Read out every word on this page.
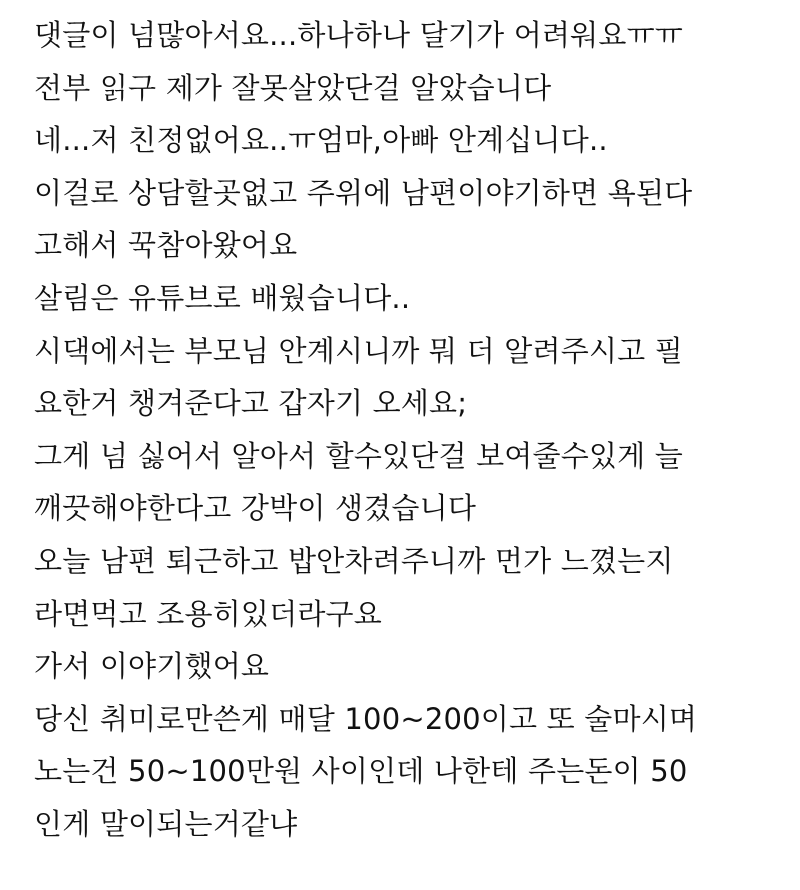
댓글이 넘많아서요...하나하나 달기가 어려워요ㅠㅠ
전부 읽구 제가 잘못살았단걸 알았습니다
네...저 친정없어요..ㅠ엄마,아빠 안계십니다..
이걸로 상담할곳없고 주위에 남편이야기하면 욕된다
고해서 꾹참아왔어요
살림은 유튜브로 배웠습니다..
시댁에서는 부모님 안계시니까 뭐 더 알려주시고 필
요한거 챙겨준다고 갑자기 오세요;
그게 넘 싫어서 알아서 할수있단걸 보여줄수있게 늘
깨끗해야한다고 강박이 생겼습니다
오늘 남편 퇴근하고 밥안차려주니까 먼가 느꼈는지
라면먹고 조용히있더라구요
가서 이야기했어요
당신 취미로만쓴게 매달 100~200이고 또 술마시며
노는건 50~100만원 사이인데 나한테 주는돈이 50
인게 말이되는거같냐
